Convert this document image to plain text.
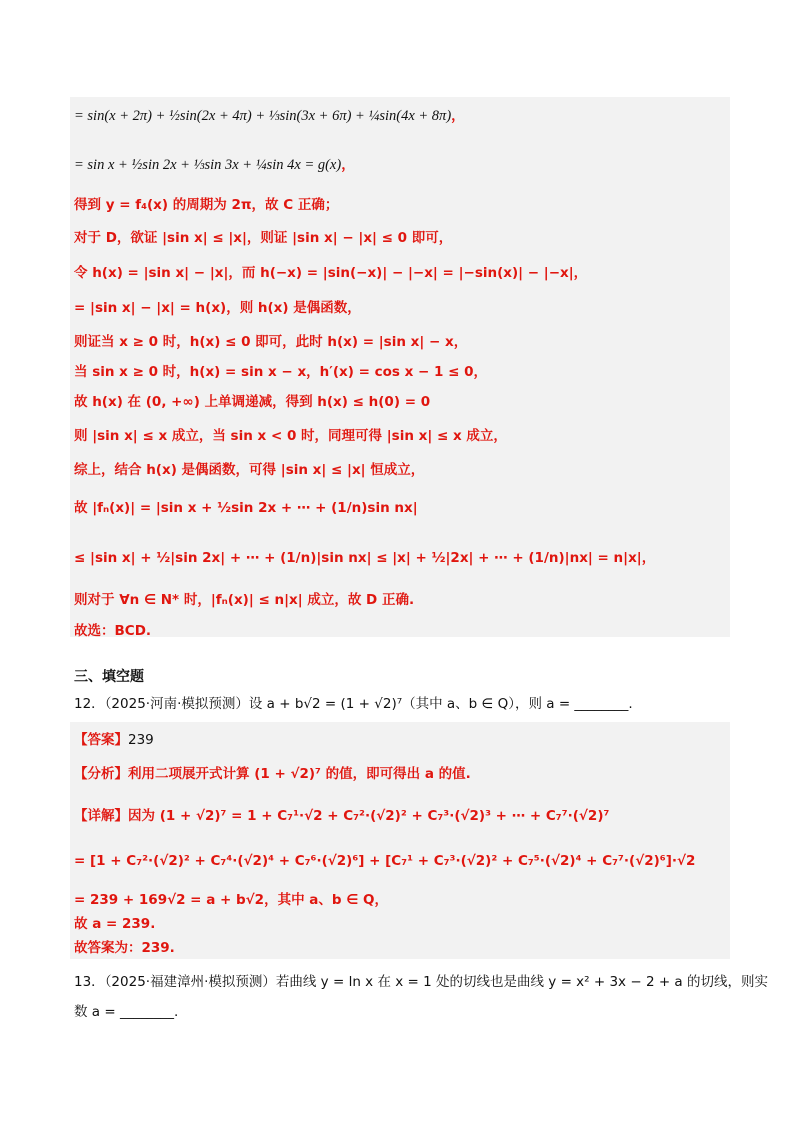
= sin(x + 2π) + ½sin(2x + 4π) + ⅓sin(3x + 6π) + ¼sin(4x + 8π)，
= sin x + ½sin 2x + ⅓sin 3x + ¼sin 4x = g(x)，
得到 y = f₄(x) 的周期为 2π，故 C 正确；
对于 D，欲证 |sin x| ≤ |x|，则证 |sin x| − |x| ≤ 0 即可，
令 h(x) = |sin x| − |x|，而 h(−x) = |sin(−x)| − |−x| = |−sin(x)| − |−x|，
= |sin x| − |x| = h(x)，则 h(x) 是偶函数，
则证当 x ≥ 0 时，h(x) ≤ 0 即可，此时 h(x) = |sin x| − x，
当 sin x ≥ 0 时，h(x) = sin x − x，h′(x) = cos x − 1 ≤ 0，
故 h(x) 在 (0, +∞) 上单调递减，得到 h(x) ≤ h(0) = 0
则 |sin x| ≤ x 成立，当 sin x < 0 时，同理可得 |sin x| ≤ x 成立，
综上，结合 h(x) 是偶函数，可得 |sin x| ≤ |x| 恒成立，
故 |fₙ(x)| = |sin x + ½sin 2x + ⋯ + (1/n)sin nx|
≤ |sin x| + ½|sin 2x| + ⋯ + (1/n)|sin nx| ≤ |x| + ½|2x| + ⋯ + (1/n)|nx| = n|x|，
则对于 ∀n ∈ N* 时，|fₙ(x)| ≤ n|x| 成立，故 D 正确.
故选：BCD.
三、填空题
12．（2025·河南·模拟预测）设 a + b√2 = (1 + √2)⁷（其中 a、b ∈ Q），则 a = ________.
【答案】239
【分析】利用二项展开式计算 (1 + √2)⁷ 的值，即可得出 a 的值.
【详解】因为 (1 + √2)⁷ = 1 + C₇¹·√2 + C₇²·(√2)² + C₇³·(√2)³ + ⋯ + C₇⁷·(√2)⁷
= [1 + C₇²·(√2)² + C₇⁴·(√2)⁴ + C₇⁶·(√2)⁶] + [C₇¹ + C₇³·(√2)² + C₇⁵·(√2)⁴ + C₇⁷·(√2)⁶]·√2
= 239 + 169√2 = a + b√2，其中 a、b ∈ Q，
故 a = 239.
故答案为：239.
13．（2025·福建漳州·模拟预测）若曲线 y = ln x 在 x = 1 处的切线也是曲线 y = x² + 3x − 2 + a 的切线，则实
数 a = ________.
